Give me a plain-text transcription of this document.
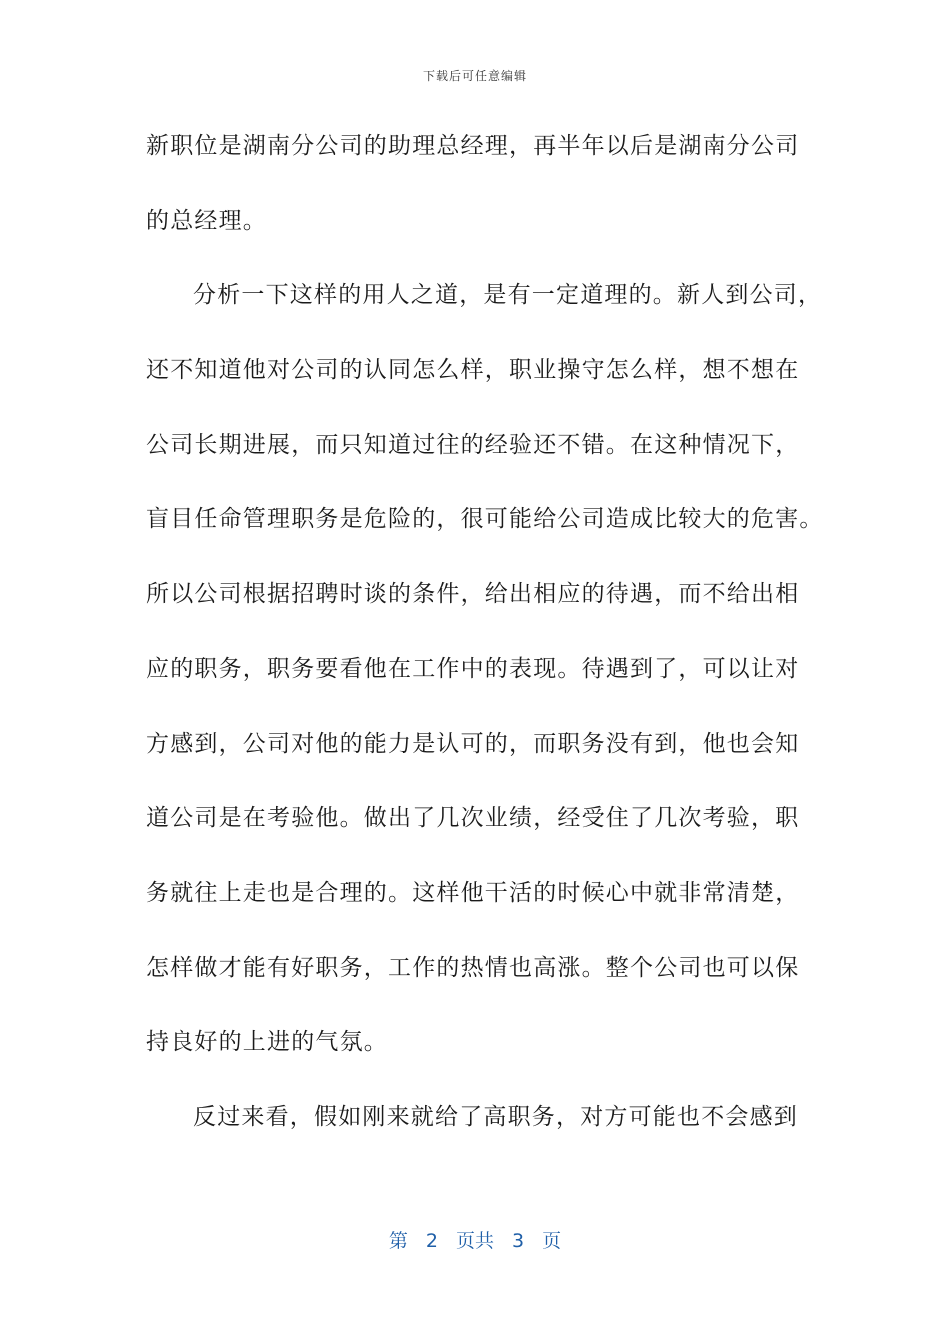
下载后可任意编辑
新职位是湖南分公司的助理总经理，再半年以后是湖南分公司
的总经理。
分析一下这样的用人之道，是有一定道理的。新人到公司，
还不知道他对公司的认同怎么样，职业操守怎么样，想不想在
公司长期进展，而只知道过往的经验还不错。在这种情况下，
盲目任命管理职务是危险的，很可能给公司造成比较大的危害。
所以公司根据招聘时谈的条件，给出相应的待遇，而不给出相
应的职务，职务要看他在工作中的表现。待遇到了，可以让对
方感到，公司对他的能力是认可的，而职务没有到，他也会知
道公司是在考验他。做出了几次业绩，经受住了几次考验，职
务就往上走也是合理的。这样他干活的时候心中就非常清楚，
怎样做才能有好职务，工作的热情也高涨。整个公司也可以保
持良好的上进的气氛。
反过来看，假如刚来就给了高职务，对方可能也不会感到
第 2 页共 3 页
